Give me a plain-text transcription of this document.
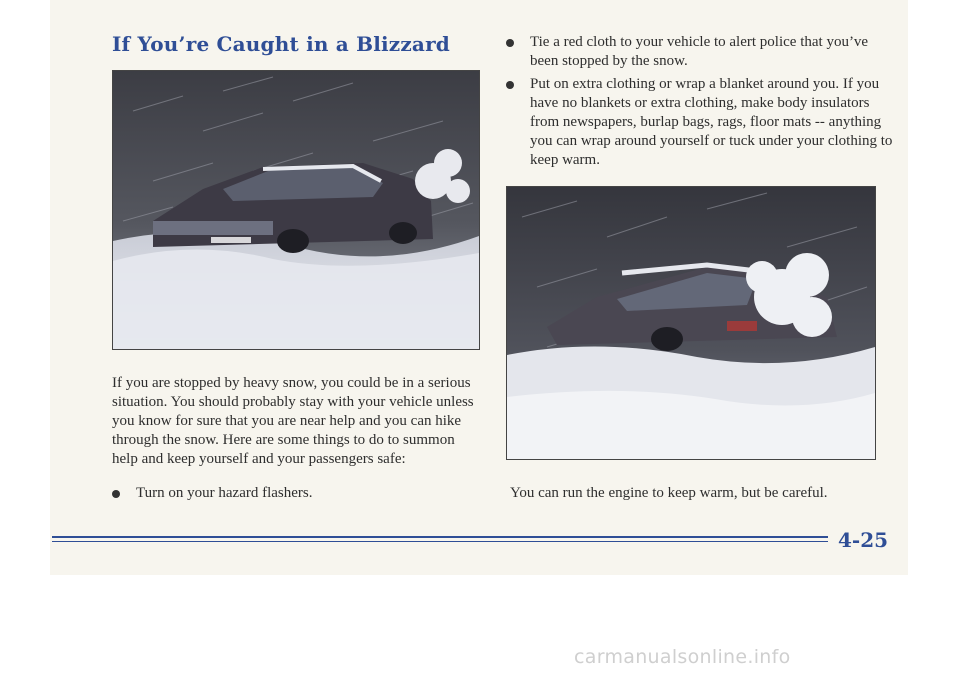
If You’re Caught in a Blizzard

If you are stopped by heavy snow, you could be in a serious situation. You should probably stay with your vehicle unless you know for sure that you are near help and you can hike through the snow. Here are some things to do to summon help and keep yourself and your passengers safe:

Turn on your hazard flashers.
Tie a red cloth to your vehicle to alert police that you’ve been stopped by the snow.
Put on extra clothing or wrap a blanket around you. If you have no blankets or extra clothing, make body insulators from newspapers, burlap bags, rags, floor mats -- anything you can wrap around yourself or tuck under your clothing to keep warm.

You can run the engine to keep warm, but be careful.

4-25

carmanualsonline.info
